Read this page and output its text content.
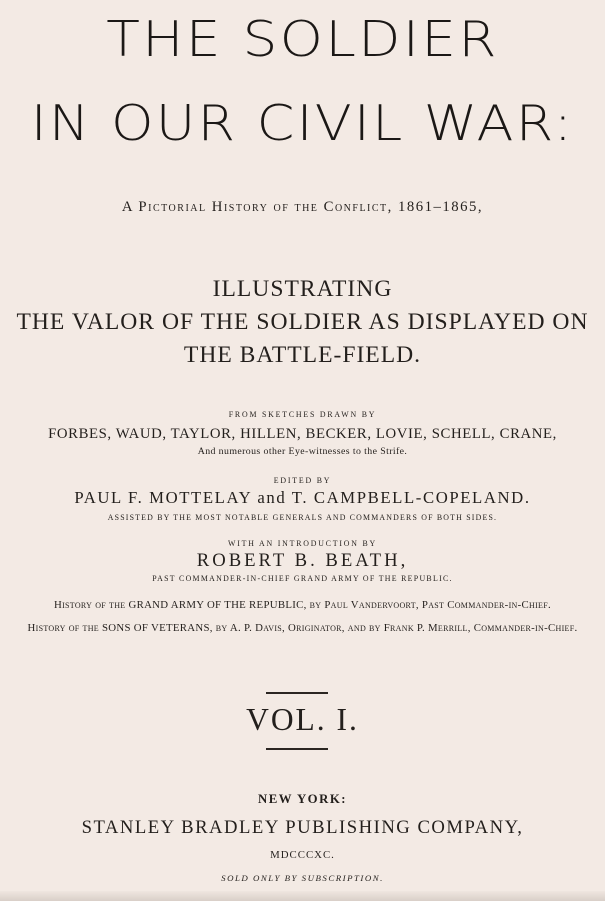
THE SOLDIER
IN OUR CIVIL WAR:
A Pictorial History of the Conflict, 1861–1865,
ILLUSTRATING
THE VALOR OF THE SOLDIER AS DISPLAYED ON
THE BATTLE-FIELD.
FROM SKETCHES DRAWN BY
FORBES, WAUD, TAYLOR, HILLEN, BECKER, LOVIE, SCHELL, CRANE,
And numerous other Eye-witnesses to the Strife.
EDITED BY
PAUL F. MOTTELAY and T. CAMPBELL-COPELAND.
ASSISTED BY THE MOST NOTABLE GENERALS AND COMMANDERS OF BOTH SIDES.
WITH AN INTRODUCTION BY
ROBERT B. BEATH,
PAST COMMANDER-IN-CHIEF GRAND ARMY OF THE REPUBLIC.
History of the GRAND ARMY OF THE REPUBLIC, by Paul Vandervoort, Past Commander-in-Chief.
History of the SONS OF VETERANS, by A. P. Davis, Originator, and by Frank P. Merrill, Commander-in-Chief.
VOL. I.
NEW YORK:
STANLEY BRADLEY PUBLISHING COMPANY,
MDCCCXC.
SOLD ONLY BY SUBSCRIPTION.
